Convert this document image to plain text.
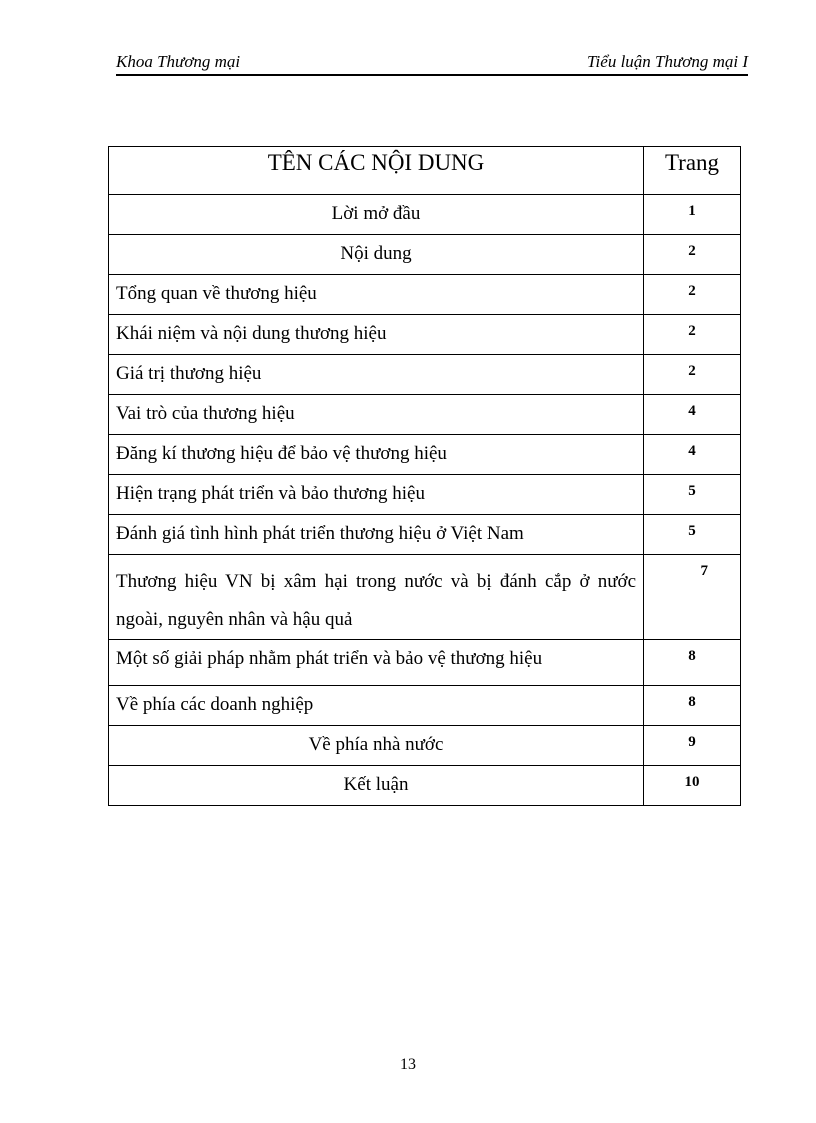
Khoa Thương mại	Tiểu luận Thương mại I
TÊN CÁC NỘI DUNG	Trang
Lời mở đầu	1
Nội dung	2
Tổng quan về thương hiệu	2
Khái niệm và nội dung thương hiệu	2
Giá trị thương hiệu	2
Vai trò của thương hiệu	4
Đăng kí thương hiệu để bảo vệ thương hiệu	4
Hiện trạng phát triển và bảo thương hiệu	5
Đánh giá tình hình phát triển thương hiệu ở Việt Nam	5
Thương hiệu VN bị xâm hại trong nước và bị đánh cắp ở nước ngoài, nguyên nhân và hậu quả	7
Một số giải pháp nhằm phát triển và bảo vệ thương hiệu	8
Về phía các doanh nghiệp	8
Về phía nhà nước	9
Kết luận	10
13
